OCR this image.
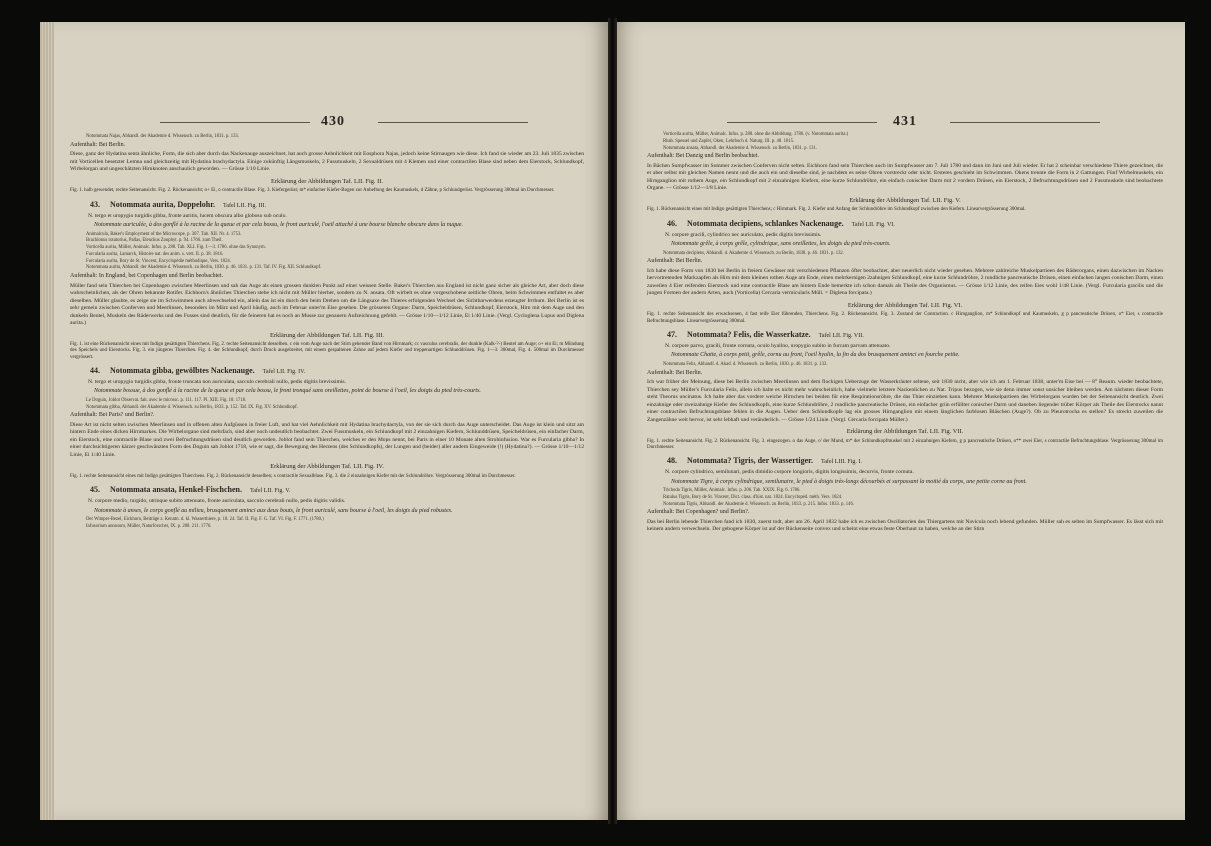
430
Notommata Najas, Abhandl. der Akademie d. Wissensch. zu Berlin, 1831. p. 133.

Aufenthalt: Bei Berlin.

Diese, ganz der Hydatina senta ähnliche, Form, die sich aber durch das Nackenauge auszeichnet, hat auch grosse Aehnlichkeit mit Eosphora Najas, jedoch keine Stirnaugen wie diese. Ich fand sie wieder am 23. Juli 1835 zwischen mit Vorticellen besetzter Lemna und gleichzeitig mit Hydatina brachydactyla. Einige zukünftig Längsmuskeln, 2 Fussmuskeln, 2 Sexualdrüsen mit 4 Kiemen und einer contractilen Blase sind neben dem Eierstock, Schlundkopf, Wirbelorgan und ungeschätzten Hirnknoten anschaulich geworden. — Grösse 1/10 Linie.

Erklärung der Abbildungen Taf. LII. Fig. II.

Fig. 1. halb gewendet, rechte Seitenansicht. Fig. 2. Rückenansicht; o+ Ei, o contractile Blase. Fig. 3. Kiefergerüst; m* einfacher Kiefer-Bogen zur Anheftung des Kaumuskels, d Zähne, p Schlundgerüst. Vergrösserung 300mal im Durchmesser.

43. Notommata aurita, Doppelohr. Tafel LII. Fig. III.

N. tergo et uropygio turgidis gibba, fronte auritis, lucem obscura albo globoso sub oculo.

Notommate auriculée, à dos gonflé à la racine de la queue et par cela bossu, le front auriculé, l'oeil attaché à une bourse blanche obscure dans la nuque.

Animalcula, Baker's Employment of the Microscope, p. 307. Tab. XII. Nr. 4. 1753.
Brachionus rotatorius, Pallas, Elenchus Zoophyt. p. 94. 1766. zum Theil.
Vorticella aurita, Müller, Animalc. Infus. p. 288. Tab. XLI. Fig. 1—3. 1786. ohne das Synonym.
Furcularia aurita, Lamarck, Histoire nat. des anim. s. vert. II. p. 38. 1816.
Furcularia aurita, Bory de St. Vincent, Encyclopédie méthodique, Vers. 1824.
Notommata aurita, Abhandl. der Akademie d. Wissensch. zu Berlin, 1830. p. 46. 1831. p. 131. Taf. IV. Fig. XII. Schlundkopf.

Aufenthalt: In England, bei Copenhagen und Berlin beobachtet.

Müller fand sein Thierchen bei Copenhagen zwischen Meerlinsen und sah das Auge als einen grossen dunklen Punkt auf einer weissen Stelle. Baker's Thierchen aus England ist nicht ganz sicher als gleiche Art, aber doch diese wahrscheinlichen, als der Ohren bekannte Rotifer. Eichhorn's ähnliches Thierchen stehe ich nicht mit Müller hierher, sondern zu N. ansata. Oft wirbelt es ohne vorgeschobene seitliche Ohren, beim Schwimmen entfaltet es aber dieselben. Müller glaubte, es zeige sie im Schwimmen auch abwechselnd ein, allein das ist ein durch den beim Drehen um die Längsaxe des Thieres erfolgenden Wechsel des Sichtbarwerdens erzeugter Irrthum. Bei Berlin ist es sehr gemein zwischen Conferven und Meerlinsen, besonders im März und April häufig, auch im Februar unter'm Eise gesehen. Die grösseren Organe: Darm, Speicheldrüsen, Schlundkopf, Eierstock, Hirn mit dem Auge und den dunkeln Beutel, Muskeln des Räderwerks und des Fusses sind deutlich, für die feineren hat es noch an Musse zur genauern Aufzeichnung gefehlt. — Grösse 1/10—1/12 Linie, Ei 1/40 Linie. (Vergl. Cycloglena Lupus und Diglena aurita.)

Erklärung der Abbildungen Taf. LII. Fig. III.

Fig. 1. ist eine Rückenansicht eines mit Indigo gesättigten Thierchens. Fig. 2. rechte Seitenansicht desselben. c ein vom Auge nach der Stirn gehender Band von Hirnmark; cc vasculus cerebralis, der dunkle (Kalk-?-) Beutel am Auge; o+ ein Ei; m Mündung des Speichels und Eierstocks. Fig. 3. ein jüngeres Thierchen. Fig. 4. der Schlundkopf, durch Druck ausgebreitet, mit einem gespaltenen Zahne auf jedem Kiefer und treppenartigen Schlunddrüsen. Fig. 1—3. 300mal, Fig. 4. 500mal im Durchmesser vergrössert.

44. Notommata gibba, gewölbtes Nackenauge. Tafel LII. Fig. IV.

N. tergo et uropygio turgidis gibba, fronte truncata non auriculata, sacculo cerebrali nullo, pedis digitis brevissimis.

Notommate bossue, à dos gonflé à la racine de la queue et par cela bossu, le front tronqué sans oreillettes, point de bourse à l'oeil, les doigts du pied très-courts.

Le Doguin, Joblot Observat. fait. avec le microsc. p. 111. 117. Pl. XIII. Fig. 18. 1718.
Notommata gibba, Abhandl. der Akademie d. Wissensch. zu Berlin, 1833. p. 152. Taf. IX. Fig. XV. Schlundkopf.

Aufenthalt: Bei Paris? und Berlin?.

Diese Art ist nicht selten zwischen Meerlinsen und in offenen alten Aufgüssen in freier Luft, und hat viel Aehnlichkeit mit Hydatina brachydactyla, von der sie sich durch das Auge unterscheidet. Das Auge ist klein und sitzt am hintern Ende eines dicken Hirnmarkes. Die Wirbelorgane sind mehrfach, sind aber noch undeutlich beobachtet. Zwei Fussmuskeln, ein Schlundkopf mit 2 einzahnigen Kiefern, Schlunddrüsen, Speicheldrüsen, ein einfacher Darm, ein Eierstock, eine contractile Blase und zwei Befruchtungsdrüsen sind deutlich geworden. Joblot fand sein Thierchen, welches er den Mops nennt, bei Paris in einer 10 Monate alten Strohinfusion. War es Furcularia gibba? In einer durchsichtigeren kärzer geschwänzten Form des Doguin sah Joblot 1718, wie er sagt, die Bewegung des Herzens (des Schlundkopfs), der Lungen und (beider) aller andern Eingeweide (!) (Hydatina?). — Grösse 1/10—1/12 Linie, Ei 1/40 Linie.

Erklärung der Abbildungen Taf. LII. Fig. IV.

Fig. 1. rechte Seitenansicht eines mit Indigo gesättigten Thierchens. Fig. 2. Rückenansicht desselben; s contractile Sexualblase. Fig. 3. die 2 einzahnigen Kiefer mit der Schlundröhre. Vergrösserung 300mal im Durchmesser.

45. Notommata ansata, Henkel-Fischchen. Tafel LII. Fig. V.

N. corpore medio, turgido, utrinque subito attenuato, fronte auriculata, sacculo cerebrali nullo, pedis digitis validis.

Notommate à anses, le corps gonflé au milieu, brusquement aminci aux deux bouts, le front auriculé, sans bourse à l'oeil, les doigts du pied robustes.

Der Wimper-Bezel, Eichhorn, Beiträge z. Kenntn. d. kl. Wasserthiere, p. 18. 24. Taf. II. Fig. F. G. Taf. VI. Fig. F. 1771. (1780.)
Infusorium annosum, Müller, Naturforscher, IX. p. 208. 211. 1776.
431
Vorticella aurita, Müller, Animalc. Infus. p. 288. ohne die Abbildung. 1786. (v. Notommata aurita.)
Rhab. Spessel und Zapfel, Oken, Lehrbuch d. Naturg. III. p. 48. 1815.
Notommata ansata, Abhandl. der Akademie d. Wissensch. zu Berlin, 1831. p. 131.

Aufenthalt: Bei Danzig und Berlin beobachtet.

In Bächen Sumpfwasser im Sommer zwischen Conferven nicht selten. Eichhorn fand sein Thierchen auch im Sumpfwasser am 7. Juli 1780 und dann im Juni und Juli wieder. Er hat 2 scheinbar verschiedene Thiere gezeichnet, die er aber selbst mit gleichen Namen nennt und die auch ein und dieselbe sind, je nachdem es seine Ohren vorstreckt oder nicht. Ersteres geschieht im Schwimmen. Okens trennte die Form in 2 Gattungen. Fünf Wirbelmuskeln, ein Hirnganglion mit rothem Auge, ein Schlundkopf mit 2 einzahnigen Kiefern, eine kurze Schlundröhre, ein einfach conischer Darm mit 2 vordern Drüsen, ein Eierstock, 2 Befruchtungsdrüsen und 2 Fussmuskeln sind beobachtete Organe. — Grösse 1/12—1/8 Linie.

Erklärung der Abbildungen Taf. LII. Fig. V.

Fig. 1. Rückenansicht eines mit Indigo gesättigten Thierchens; c Hirnmark. Fig. 2. Kiefer und Anfang der Schlundröhre im Schlundkopf zwischen den Kiefern. Linearvergrösserung 300mal.

46. Notommata decipiens, schlankes Nackenauge. Tafel LII. Fig. VI.

N. corpore gracili, cylindrico nec auriculato, pedis digitis brevissimis.

Notommate grêle, à corps grêle, cylindrique, sans oreillettes, les doigts du pied très-courts.

Notommata decipiens, Abhandl. d. Akademie d. Wissensch. zu Berlin, 1830. p. 46. 1831. p. 132.

Aufenthalt: Bei Berlin.

Ich habe diese Form von 1830 bei Berlin in freiem Gewässer mit verschiedenen Pflanzen öfter beobachtet, aber neuerlich nicht wieder gesehen. Mehrere zahlreiche Muskelpartieen des Räderorgans, einen dazwischen im Nacken hervortretenden Markzapfen als Hirn mit dem kleinen rothen Auge am Ende, einen mehrkernigen 2zahnigen Schlundkopf, eine kurze Schlundröhre, 2 rundliche pancreatische Drüsen, einen einfachen langen conischen Darm, einen zuweilen 4 Eier reifenden Eierstock und eine contractile Blase am hintern Ende bemerkte ich schon damals als Theile des Organismus. — Grösse 1/12 Linie, des reifen Eies wohl 1/48 Linie. (Vergl. Furcularia gracilis und die jungen Formen der andern Arten, auch (Vorticella) Cercaria vermicularis Müll. = Diglena forcipata.)

Erklärung der Abbildungen Taf. LII. Fig. VI.

Fig. 1. rechte Seitenansicht des erwachsenen, 4 fast reife Eier führenden, Thierchens. Fig. 2. Rückenansicht. Fig. 3. Zustand der Contraction. c Hirnganglion, m* Schlundkopf und Kaumuskeln, g p pancreatische Drüsen, o* Eier, s contractile Befruchtungsblase. Linearvergrösserung 300mal.

47. Notommata? Felis, die Wasserkatze. Tafel LII. Fig. VII.

N. corpore parvo, gracili, fronte cornuta, oculo hyalino, uropygio subito in furcam parvam attenuato.

Notommate Chatte, à corps petit, grêle, cornu au front, l'oeil hyalin, la fin du dos brusquement aminci en fourche petite.

Notommata Felis, Abhandl. d. Akad. d. Wissensch. zu Berlin, 1830. p. 46. 1831. p. 133.

Aufenthalt: Bei Berlin.

Ich war früher der Meinung, diese bei Berlin zwischen Meerlinsen und dem flockigen Ueberzuge der Wasserkräuter seltene, seit 1830 nicht, aber wie ich am 1. Februar 1838, unter'm Eise bei — 8° Reaum. wieder beobachtete, Thierchen sey Müller's Furcularia Felis, allein ich halte es nicht mehr wahrscheinlich, habe vielmehr letztere Nackenlichen zu Nat. Tripus bezogen, wie sie denn immer sonst unsicher bleiben werden. Am nächsten dieser Form steht Theorus uncinatus. Ich halte aber das vordere weiche Hirnchen bei beiden für eine Respirationsröhre, die das Thier einziehen kann. Mehrere Muskelpartieen des Wirbelorgans wurden bei der Seitenansicht deutlich. Zwei einzahnige oder zweizahnige Kiefer des Schlundkopfs, eine kurze Schlundröhre, 2 rundliche pancreatische Drüsen, ein einfacher grün erfüllter conischer Darm und daneben liegender trüber Körper als Theile des Eierstocks nannt einer contractilen Befruchtungsblase fehlen in die Augen. Ueber dem Schlundkopfe lag ein grosses Hirnganglion mit einem länglichen farblosen Bläschen (Auge?). Ob zu Pleurotrocha es stellen? Es streckt zuweilen die Zangenzähne weit hervor, ist sehr lebhaft und veränderlich. — Grösse 1/24 Linie. (Vergl. Cercaria forcipata Müller.)

Erklärung der Abbildungen Taf. LII. Fig. VII.

Fig. 1. rechte Seitenansicht. Fig. 2. Rückenansicht. Fig. 3. eingezogen. o das Auge, o' der Mund, m* der Schlundkopfmuskel mit 2 einzahnigen Kiefern, g p pancreatische Drüsen, o** zwei Eier, s contractile Befruchtungsblase. Vergrösserung 300mal im Durchmesser.

48. Notommata? Tigris, der Wassertiger. Tafel LIII. Fig. I.

N. corpore cylindrico, semilunari, pedis dimidio corpore longioris, digitis longissimis, decurvis, fronte cornuta.

Notommate Tigre, à corps cylindrique, semilunaire, le pied à doigts très-longs décourbés et surpassant la moitié du corps, une petite corne au front.

Trichoda Tigris, Müller, Animalc. Infus. p. 206. Tab. XXIX. Fig. 6. 1786.
Ratulus Tigris, Bory de St. Vincent, Dict. class. d'hist. nat. 1824. Encyclopéd. méth. Vers. 1824.
Notommata Tigris, Abhandl. der Akademie d. Wissensch. zu Berlin, 1833. p. 215. Infus. 1833. p. 146.

Aufenthalt: Bei Copenhagen? und Berlin?.

Das bei Berlin lebende Thierchen fand ich 1830, zuerst todt, aber am 26. April 1832 habe ich es zwischen Oscillatorien des Thiergartens mit Navicula noch lebend gefunden. Müller sah es selten im Sumpfwasser. Es lässt sich mit keinem andern verwechseln. Der gebogene Körper ist auf der Rückenseite convex und scheint eine etwas feste Oberhaut zu haben, welche an der Stirn
